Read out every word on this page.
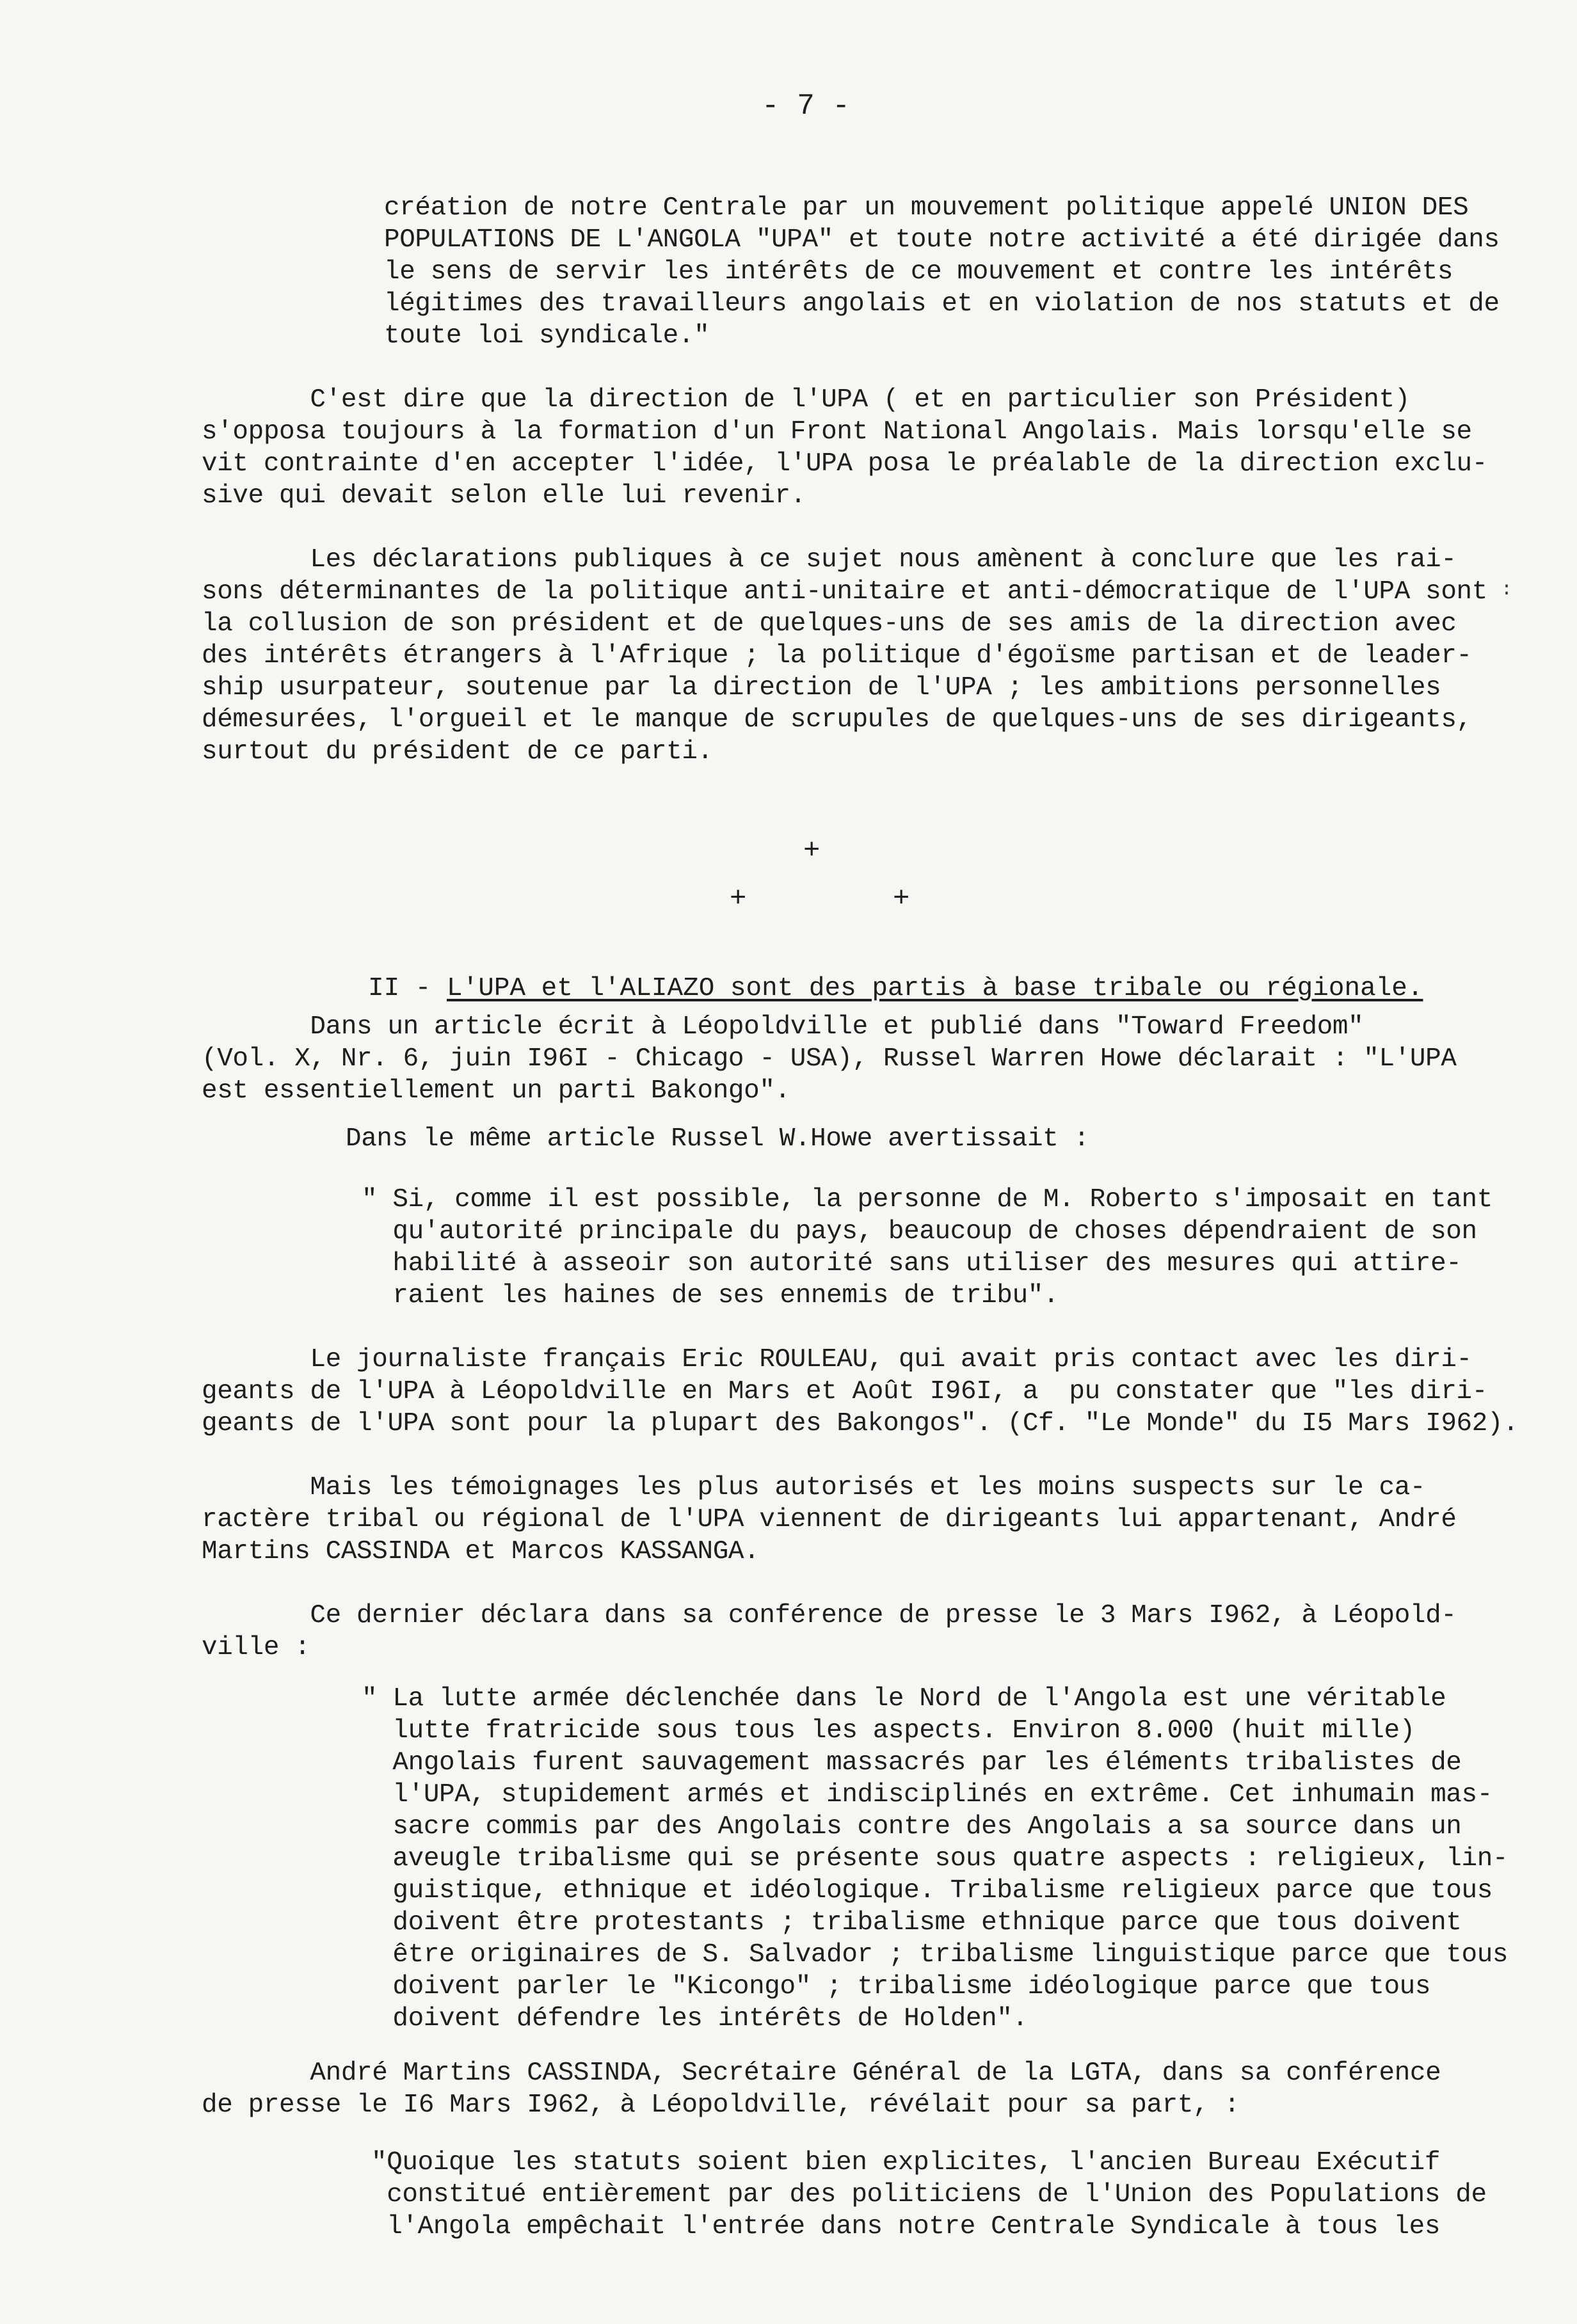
- 7 -
création de notre Centrale par un mouvement politique appelé UNION DES
POPULATIONS DE L'ANGOLA "UPA" et toute notre activité a été dirigée dans
le sens de servir les intérêts de ce mouvement et contre les intérêts
légitimes des travailleurs angolais et en violation de nos statuts et de
toute loi syndicale."
C'est dire que la direction de l'UPA ( et en particulier son Président)
s'opposa toujours à la formation d'un Front National Angolais. Mais lorsqu'elle se
vit contrainte d'en accepter l'idée, l'UPA posa le préalable de la direction exclu-
sive qui devait selon elle lui revenir.
Les déclarations publiques à ce sujet nous amènent à conclure que les rai-
sons déterminantes de la politique anti-unitaire et anti-démocratique de l'UPA sont
la collusion de son président et de quelques-uns de ses amis de la direction avec
des intérêts étrangers à l'Afrique ; la politique d'égoïsme partisan et de leader-
ship usurpateur, soutenue par la direction de l'UPA ; les ambitions personnelles
démesurées, l'orgueil et le manque de scrupules de quelques-uns de ses dirigeants,
surtout du président de ce parti.
:
+
+	+
II - L'UPA et l'ALIAZO sont des partis à base tribale ou régionale.
Dans un article écrit à Léopoldville et publié dans "Toward Freedom"
(Vol. X, Nr. 6, juin I96I - Chicago - USA), Russel Warren Howe déclarait : "L'UPA
est essentiellement un parti Bakongo".
Dans le même article Russel W.Howe avertissait :
" Si, comme il est possible, la personne de M. Roberto s'imposait en tant
qu'autorité principale du pays, beaucoup de choses dépendraient de son
habilité à asseoir son autorité sans utiliser des mesures qui attire-
raient les haines de ses ennemis de tribu".
Le journaliste français Eric ROULEAU, qui avait pris contact avec les diri-
geants de l'UPA à Léopoldville en Mars et Août I96I, a  pu constater que "les diri-
geants de l'UPA sont pour la plupart des Bakongos". (Cf. "Le Monde" du I5 Mars I962).
Mais les témoignages les plus autorisés et les moins suspects sur le ca-
ractère tribal ou régional de l'UPA viennent de dirigeants lui appartenant, André
Martins CASSINDA et Marcos KASSANGA.
Ce dernier déclara dans sa conférence de presse le 3 Mars I962, à Léopold-
ville :
" La lutte armée déclenchée dans le Nord de l'Angola est une véritable
lutte fratricide sous tous les aspects. Environ 8.000 (huit mille)
Angolais furent sauvagement massacrés par les éléments tribalistes de
l'UPA, stupidement armés et indisciplinés en extrême. Cet inhumain mas-
sacre commis par des Angolais contre des Angolais a sa source dans un
aveugle tribalisme qui se présente sous quatre aspects : religieux, lin-
guistique, ethnique et idéologique. Tribalisme religieux parce que tous
doivent être protestants ; tribalisme ethnique parce que tous doivent
être originaires de S. Salvador ; tribalisme linguistique parce que tous
doivent parler le "Kicongo" ; tribalisme idéologique parce que tous
doivent défendre les intérêts de Holden".
André Martins CASSINDA, Secrétaire Général de la LGTA, dans sa conférence
de presse le I6 Mars I962, à Léopoldville, révélait pour sa part, :
"Quoique les statuts soient bien explicites, l'ancien Bureau Exécutif
constitué entièrement par des politiciens de l'Union des Populations de
l'Angola empêchait l'entrée dans notre Centrale Syndicale à tous les
